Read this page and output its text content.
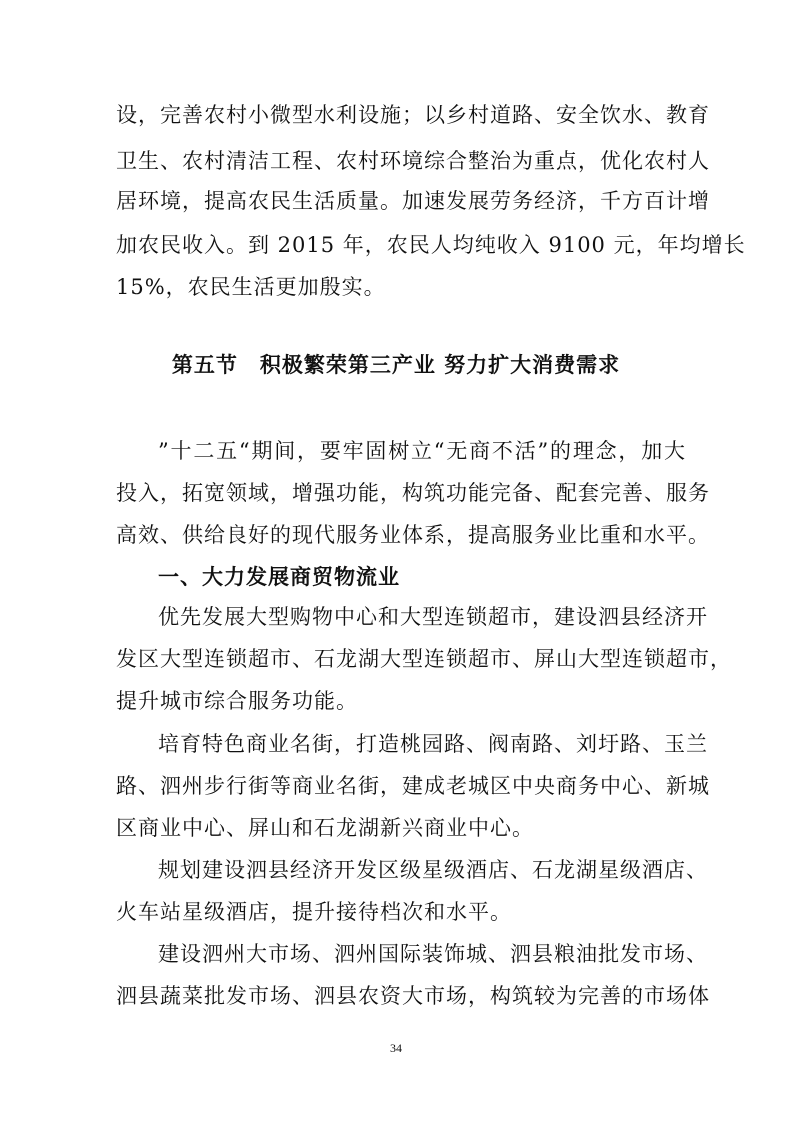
设，完善农村小微型水利设施；以乡村道路、安全饮水、教育
卫生、农村清洁工程、农村环境综合整治为重点，优化农村人
居环境，提高农民生活质量。加速发展劳务经济，千方百计增
加农民收入。到 2015 年，农民人均纯收入 9100 元，年均增长
15%，农民生活更加殷实。
第五节　积极繁荣第三产业 努力扩大消费需求
”十二五“期间，要牢固树立“无商不活”的理念，加大
投入，拓宽领域，增强功能，构筑功能完备、配套完善、服务
高效、供给良好的现代服务业体系，提高服务业比重和水平。
一、大力发展商贸物流业
优先发展大型购物中心和大型连锁超市，建设泗县经济开
发区大型连锁超市、石龙湖大型连锁超市、屏山大型连锁超市，
提升城市综合服务功能。
培育特色商业名街，打造桃园路、阀南路、刘圩路、玉兰
路、泗州步行街等商业名街，建成老城区中央商务中心、新城
区商业中心、屏山和石龙湖新兴商业中心。
规划建设泗县经济开发区级星级酒店、石龙湖星级酒店、
火车站星级酒店，提升接待档次和水平。
建设泗州大市场、泗州国际装饰城、泗县粮油批发市场、
泗县蔬菜批发市场、泗县农资大市场，构筑较为完善的市场体
34
